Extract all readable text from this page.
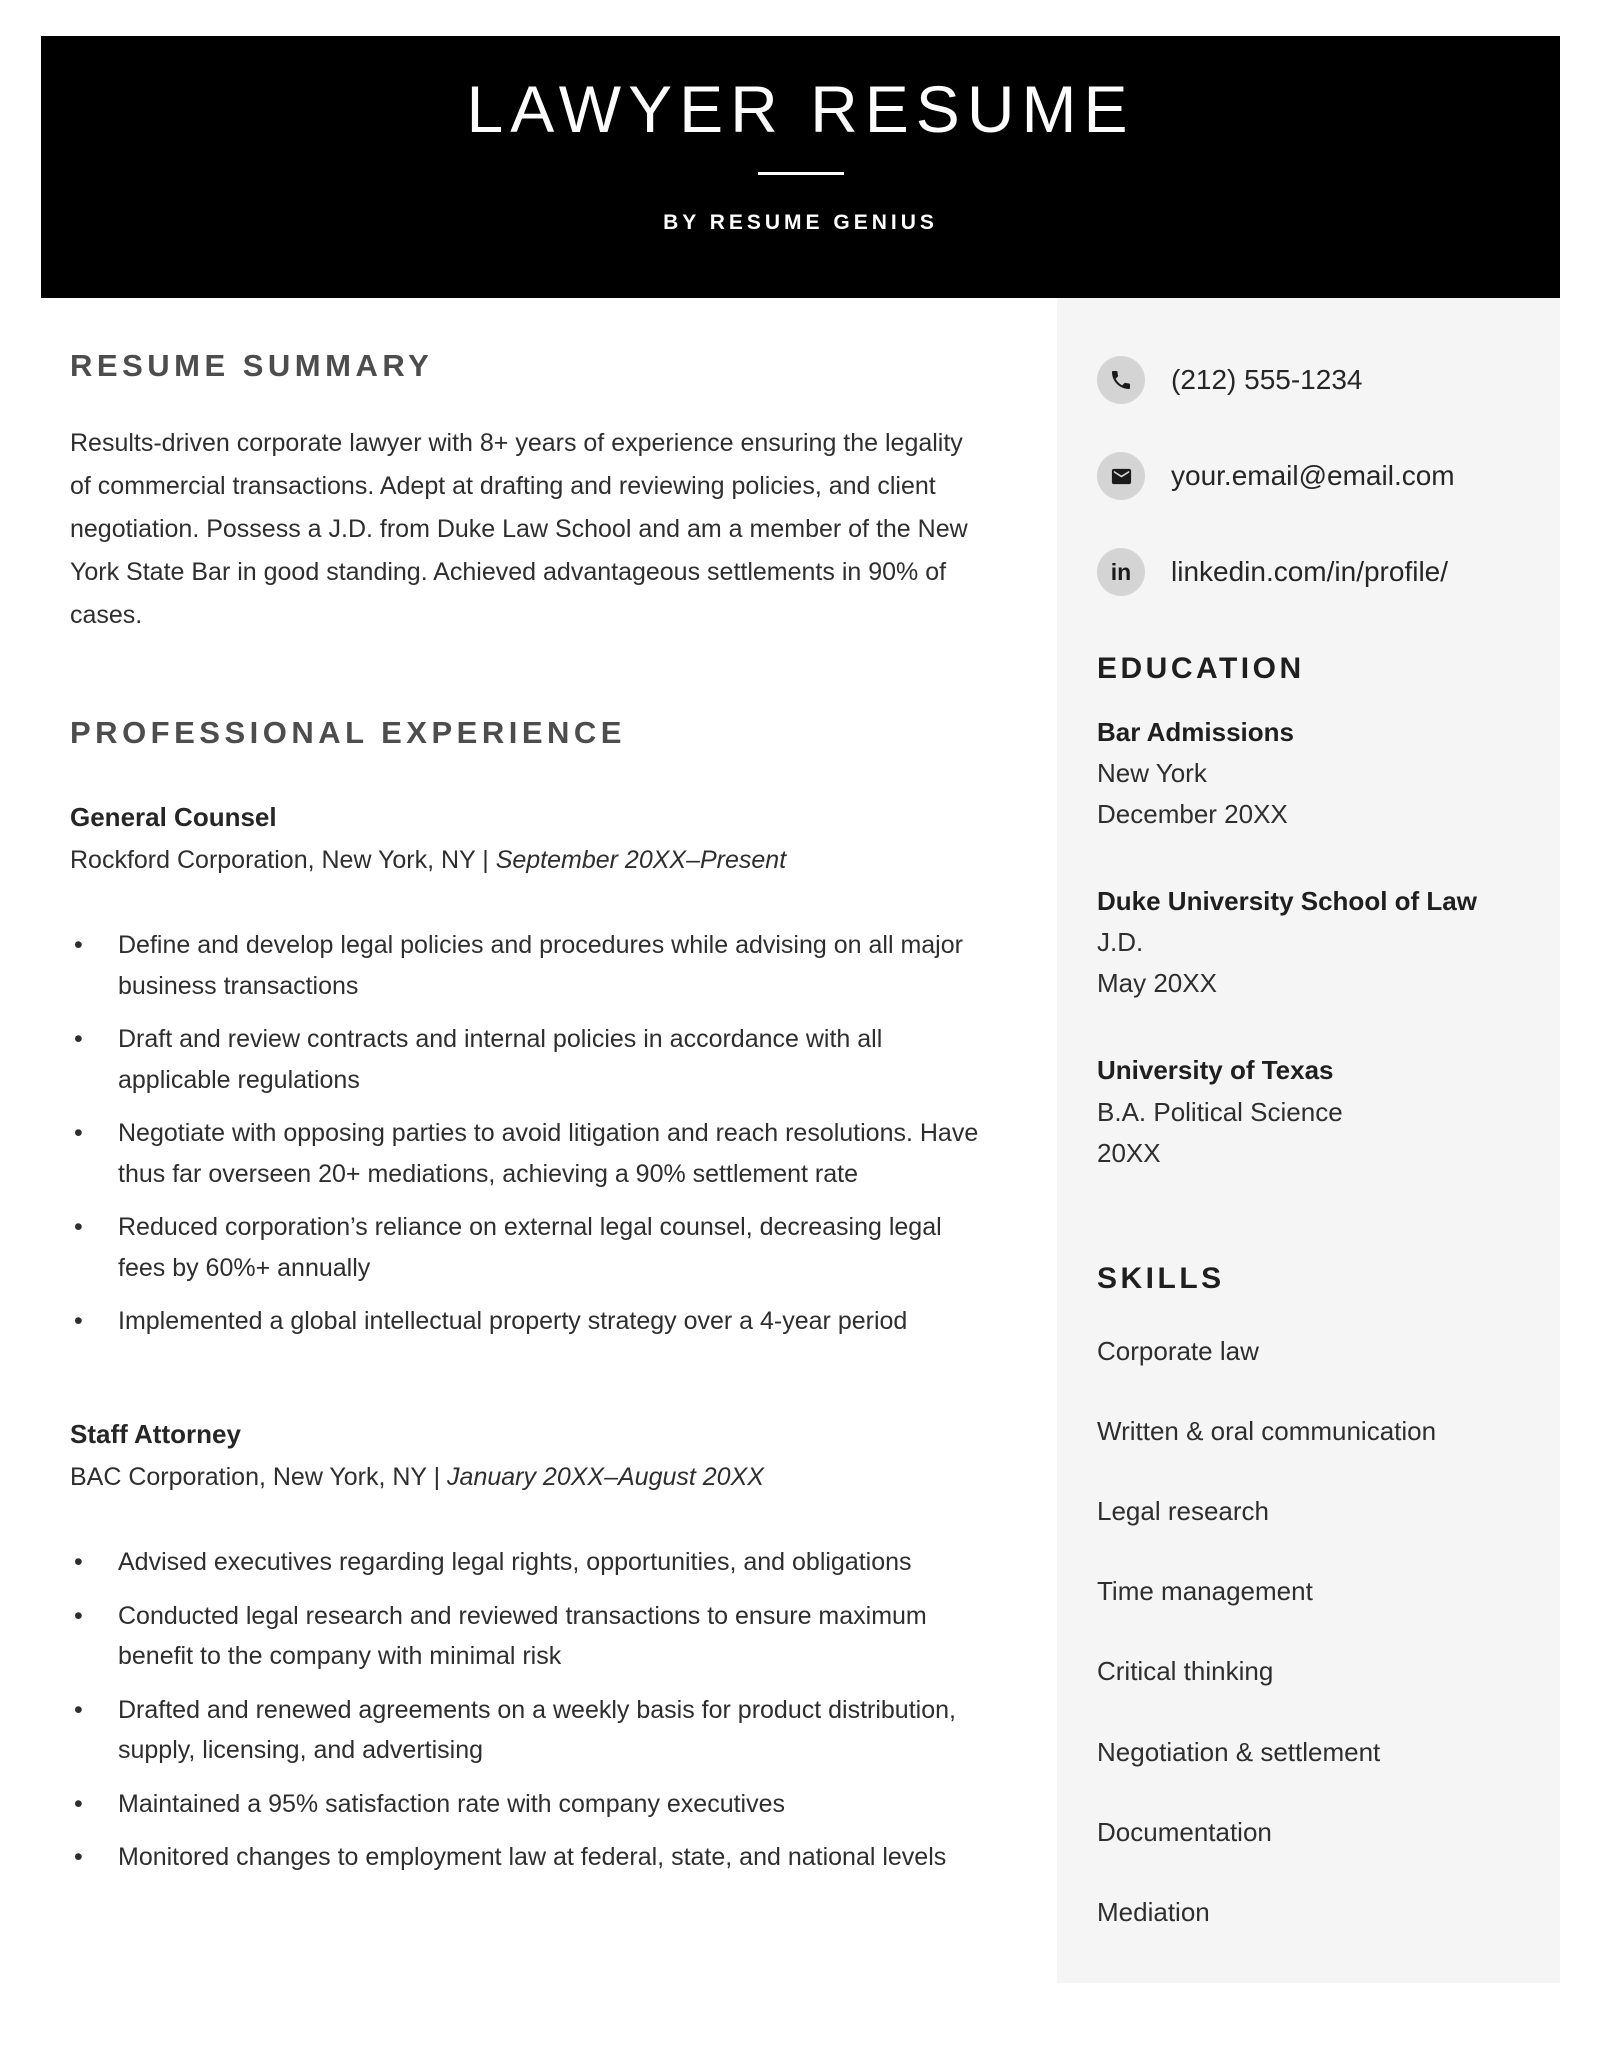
LAWYER RESUME
BY RESUME GENIUS
RESUME SUMMARY

Results-driven corporate lawyer with 8+ years of experience ensuring the legality of commercial transactions. Adept at drafting and reviewing policies, and client negotiation. Possess a J.D. from Duke Law School and am a member of the New York State Bar in good standing. Achieved advantageous settlements in 90% of cases.

PROFESSIONAL EXPERIENCE
General Counsel

Rockford Corporation, New York, NY | September 20XX–Present

• Define and develop legal policies and procedures while advising on all major business transactions
• Draft and review contracts and internal policies in accordance with all applicable regulations
• Negotiate with opposing parties to avoid litigation and reach resolutions. Have thus far overseen 20+ mediations, achieving a 90% settlement rate
• Reduced corporation’s reliance on external legal counsel, decreasing legal fees by 60%+ annually
• Implemented a global intellectual property strategy over a 4-year period
Staff Attorney

BAC Corporation, New York, NY | January 20XX–August 20XX

• Advised executives regarding legal rights, opportunities, and obligations
• Conducted legal research and reviewed transactions to ensure maximum benefit to the company with minimal risk
• Drafted and renewed agreements on a weekly basis for product distribution, supply, licensing, and advertising
• Maintained a 95% satisfaction rate with company executives
• Monitored changes to employment law at federal, state, and national levels
(212) 555-1234
your.email@email.com
in linkedin.com/in/profile/
EDUCATION
Bar Admissions
New York
December 20XX
Duke University School of Law
J.D.
May 20XX
University of Texas
B.A. Political Science
20XX
SKILLS
Corporate law
Written & oral communication
Legal research
Time management
Critical thinking
Negotiation & settlement
Documentation
Mediation
